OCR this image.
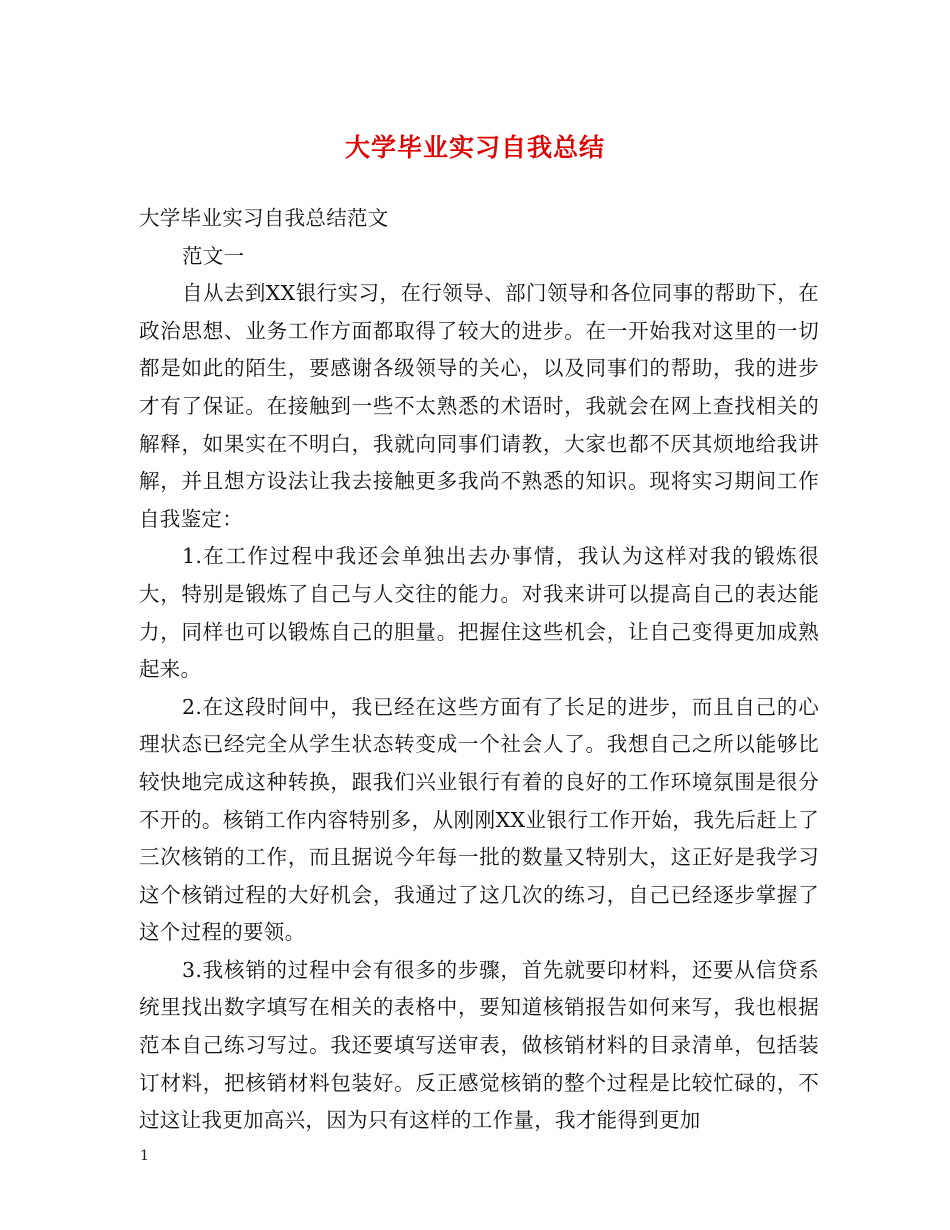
大学毕业实习自我总结

大学毕业实习自我总结范文

范文一

自从去到XX银行实习，在行领导、部门领导和各位同事的帮助下，在政治思想、业务工作方面都取得了较大的进步。在一开始我对这里的一切都是如此的陌生，要感谢各级领导的关心，以及同事们的帮助，我的进步才有了保证。在接触到一些不太熟悉的术语时，我就会在网上查找相关的解释，如果实在不明白，我就向同事们请教，大家也都不厌其烦地给我讲解，并且想方设法让我去接触更多我尚不熟悉的知识。现将实习期间工作自我鉴定：

1.在工作过程中我还会单独出去办事情，我认为这样对我的锻炼很大，特别是锻炼了自己与人交往的能力。对我来讲可以提高自己的表达能力，同样也可以锻炼自己的胆量。把握住这些机会，让自己变得更加成熟起来。

2.在这段时间中，我已经在这些方面有了长足的进步，而且自己的心理状态已经完全从学生状态转变成一个社会人了。我想自己之所以能够比较快地完成这种转换，跟我们兴业银行有着的良好的工作环境氛围是很分不开的。核销工作内容特别多，从刚刚XX业银行工作开始，我先后赶上了三次核销的工作，而且据说今年每一批的数量又特别大，这正好是我学习这个核销过程的大好机会，我通过了这几次的练习，自己已经逐步掌握了这个过程的要领。

3.我核销的过程中会有很多的步骤，首先就要印材料，还要从信贷系统里找出数字填写在相关的表格中，要知道核销报告如何来写，我也根据范本自己练习写过。我还要填写送审表，做核销材料的目录清单，包括装订材料，把核销材料包装好。反正感觉核销的整个过程是比较忙碌的，不过这让我更加高兴，因为只有这样的工作量，我才能得到更加

1
